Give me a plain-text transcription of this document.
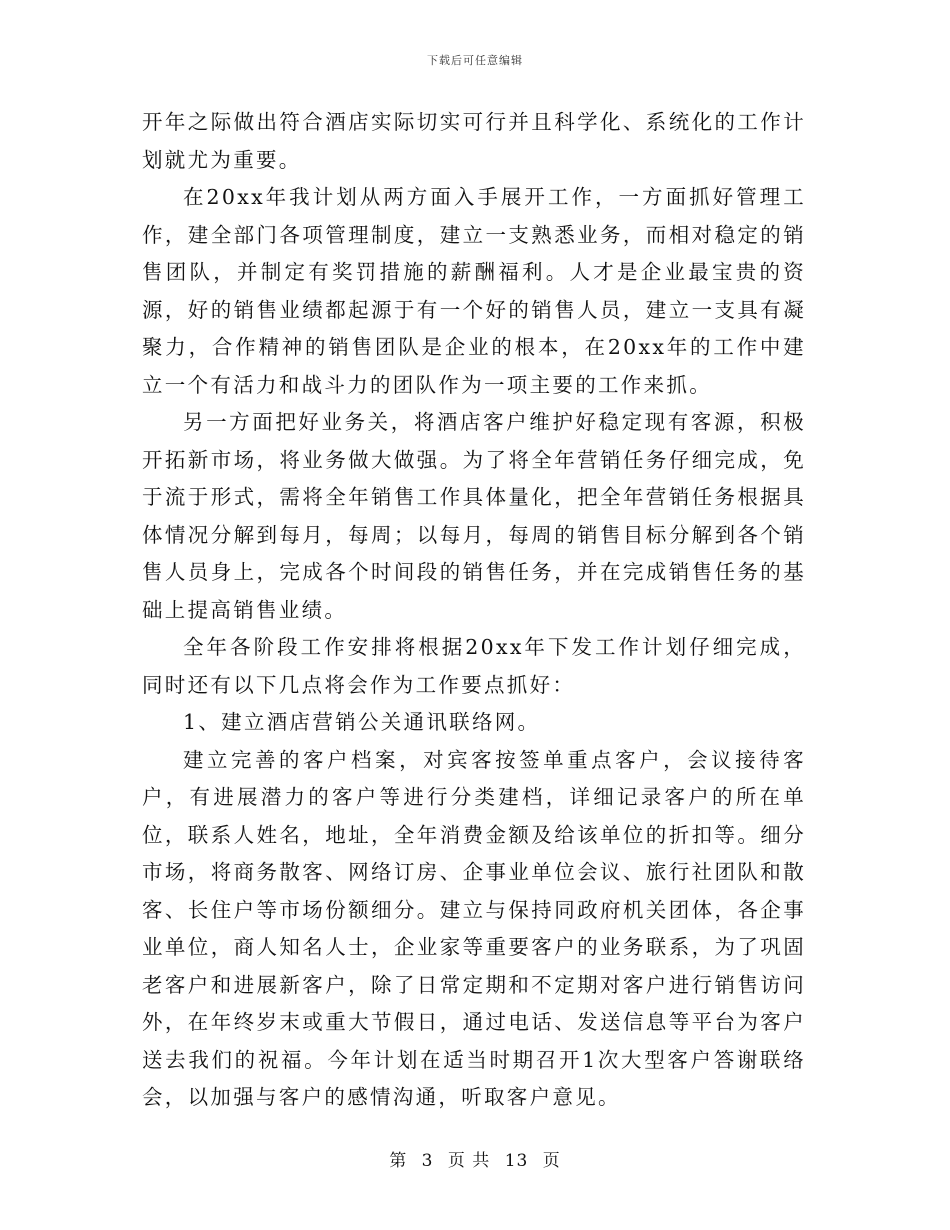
下载后可任意编辑

开年之际做出符合酒店实际切实可行并且科学化、系统化的工作计划就尤为重要。

在20xx年我计划从两方面入手展开工作，一方面抓好管理工作，建全部门各项管理制度，建立一支熟悉业务，而相对稳定的销售团队，并制定有奖罚措施的薪酬福利。人才是企业最宝贵的资源，好的销售业绩都起源于有一个好的销售人员，建立一支具有凝聚力，合作精神的销售团队是企业的根本，在20xx年的工作中建立一个有活力和战斗力的团队作为一项主要的工作来抓。

另一方面把好业务关，将酒店客户维护好稳定现有客源，积极开拓新市场，将业务做大做强。为了将全年营销任务仔细完成，免于流于形式，需将全年销售工作具体量化，把全年营销任务根据具体情况分解到每月，每周；以每月，每周的销售目标分解到各个销售人员身上，完成各个时间段的销售任务，并在完成销售任务的基础上提高销售业绩。

全年各阶段工作安排将根据20xx年下发工作计划仔细完成，同时还有以下几点将会作为工作要点抓好：

1、建立酒店营销公关通讯联络网。

建立完善的客户档案，对宾客按签单重点客户，会议接待客户，有进展潜力的客户等进行分类建档，详细记录客户的所在单位，联系人姓名，地址，全年消费金额及给该单位的折扣等。细分市场，将商务散客、网络订房、企事业单位会议、旅行社团队和散客、长住户等市场份额细分。建立与保持同政府机关团体，各企事业单位，商人知名人士，企业家等重要客户的业务联系，为了巩固老客户和进展新客户，除了日常定期和不定期对客户进行销售访问外，在年终岁末或重大节假日，通过电话、发送信息等平台为客户送去我们的祝福。今年计划在适当时期召开1次大型客户答谢联络会，以加强与客户的感情沟通，听取客户意见。

第 3 页 共 13 页
